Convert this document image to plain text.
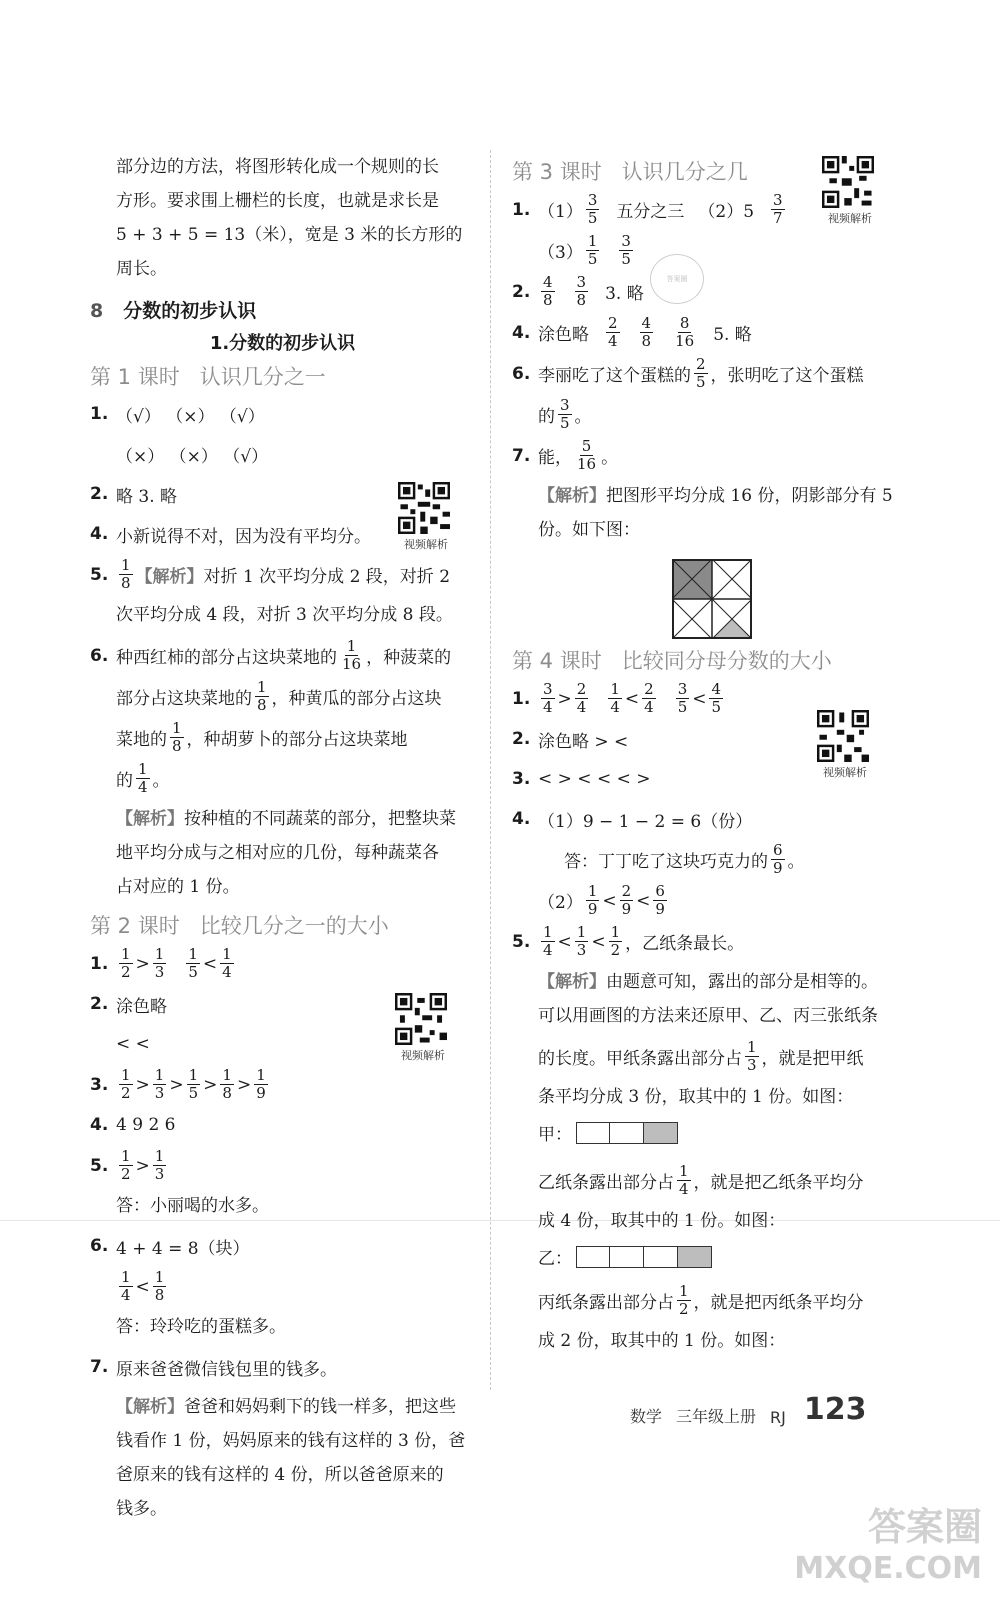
部分边的方法，将图形转化成一个规则的长

方形。要求围上栅栏的长度，也就是求长是

5 + 3 + 5 = 13（米），宽是 3 米的长方形的

周长。

8 分数的初步认识
1.分数的初步认识
第 1 课时 认识几分之一
视频解析
1. （√） （×） （√）
（×） （×） （√）
2. 略 3. 略
4. 小新说得不对，因为没有平均分。
5. $\frac{1}{8}$ 【解析】 对折 1 次平均分成 2 段，对折 2

次平均分成 4 段，对折 3 次平均分成 8 段。

6. 种西红柿的部分占这块菜地的 $\frac{1}{16}$ ，种菠菜的
部分占这块菜地的 $\frac{1}{8}$ ，种黄瓜的部分占这块
菜地的 $\frac{1}{8}$ ，种胡萝卜的部分占这块菜地
的 $\frac{1}{4}$ 。

【解析】按种植的不同蔬菜的部分，把整块菜

地平均分成与之相对应的几份，每种蔬菜各

占对应的 1 份。

第 2 课时 比较几分之一的大小
视频解析
1. $\frac{1}{2} > \frac{1}{3} \frac{1}{5} < \frac{1}{4}$
2. 涂色略
< <
3. $\frac{1}{2} > \frac{1}{3} > \frac{1}{5} > \frac{1}{8} > \frac{1}{9}$
4. 4 9 2 6
5. $\frac{1}{2} > \frac{1}{3}$

答：小丽喝的水多。

6. 4 + 4 = 8（块）
$\frac{1}{4} < \frac{1}{8}$

答：玲玲吃的蛋糕多。

7. 原来爸爸微信钱包里的钱多。

【解析】爸爸和妈妈剩下的钱一样多，把这些

钱看作 1 份，妈妈原来的钱有这样的 3 份，爸

爸原来的钱有这样的 4 份，所以爸爸原来的

钱多。

第 3 课时 认识几分之几
视频解析
1. $(1) \frac{3}{5}$ 五分之三 $(2)5 \frac{3}{7}$
$(3) \frac{1}{5} \frac{3}{5}$
2. $\frac{4}{8} \frac{3}{8} 3$. 略
4. 涂色略 $\frac{2}{4} \frac{4}{8} \frac{8}{16} 5$. 略
6. 李丽吃了这个蛋糕的 $\frac{2}{5}$ ，张明吃了这个蛋糕
的 $\frac{3}{5}$ 。
7. 能， $\frac{5}{16}$ 。

【解析】把图形平均分成 16 份，阴影部分有 5

份。如下图：

第 4 课时 比较同分母分数的大小
视频解析
1. $\frac{3}{4} > \frac{2}{4} \frac{1}{4} < \frac{2}{4} \frac{3}{5} < \frac{4}{5}$
2. 涂色略 > <
3. < > < < < >
4. （1）9 − 1 − 2 = 6（份）
答：丁丁吃了这块巧克力的 $\frac{6}{9}$ 。
$(2) \frac{1}{9} < \frac{2}{9} < \frac{6}{9}$
5. $\frac{1}{4} < \frac{1}{3} < \frac{1}{2}$ ，乙纸条最长。

【解析】由题意可知，露出的部分是相等的。

可以用画图的方法来还原甲、乙、丙三张纸条

的长度。甲纸条露出部分占 $\frac{1}{3}$ ，就是把甲纸

条平均分成 3 份，取其中的 1 份。如图：

甲：
乙纸条露出部分占 $\frac{1}{4}$ ，就是把乙纸条平均分

成 4 份，取其中的 1 份。如图：

乙：
丙纸条露出部分占 $\frac{1}{2}$ ，就是把丙纸条平均分

成 2 份，取其中的 1 份。如图：

答案圈
数学 三年级上册 RJ 123
答案圈
MXQE.COM
